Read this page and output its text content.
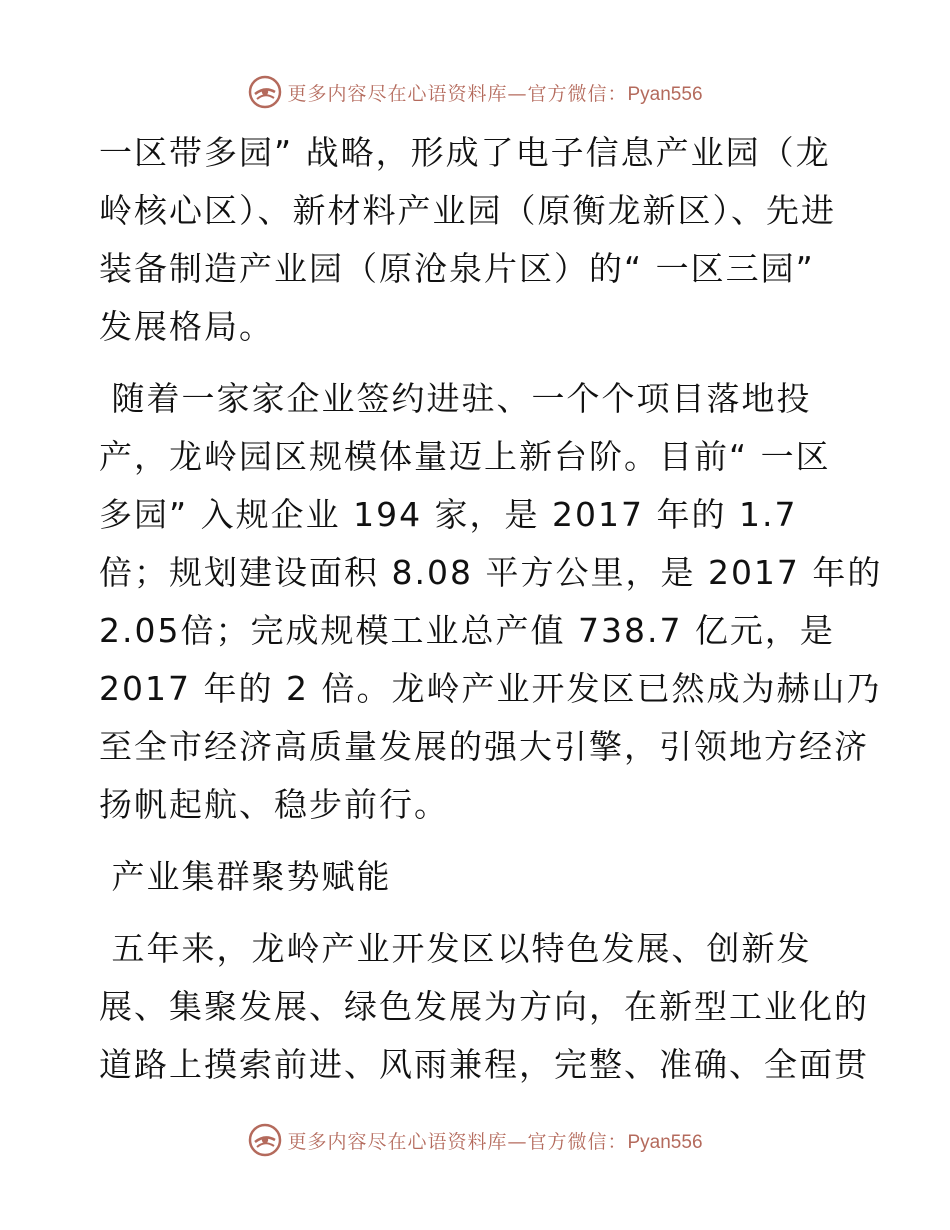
更多内容尽在心语资料库—官方微信：Pyan556
一区带多园” 战略，形成了电子信息产业园（龙
岭核心区）、新材料产业园（原衡龙新区）、先进
装备制造产业园（原沧泉片区）的“ 一区三园”
发展格局。
随着一家家企业签约进驻、一个个项目落地投
产，龙岭园区规模体量迈上新台阶。目前“ 一区
多园” 入规企业 194 家，是 2017 年的 1.7
倍；规划建设面积 8.08 平方公里，是 2017 年的
2.05倍；完成规模工业总产值 738.7 亿元，是
2017 年的 2 倍。龙岭产业开发区已然成为赫山乃
至全市经济高质量发展的强大引擎，引领地方经济
扬帆起航、稳步前行。
产业集群聚势赋能
五年来，龙岭产业开发区以特色发展、创新发
展、集聚发展、绿色发展为方向，在新型工业化的
道路上摸索前进、风雨兼程，完整、准确、全面贯
更多内容尽在心语资料库—官方微信：Pyan556
